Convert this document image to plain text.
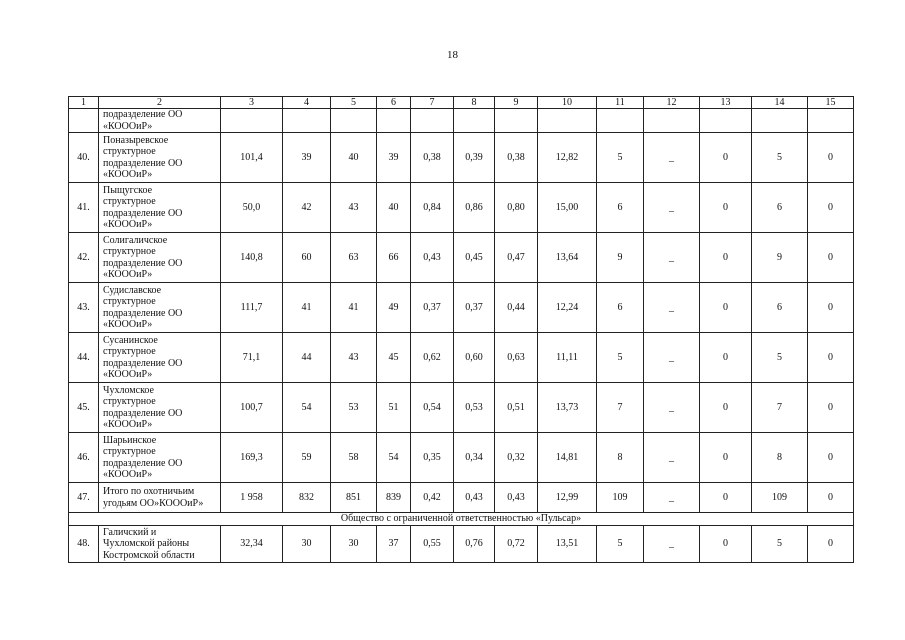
18
1	2	3	4	5	6	7	8	9	10	11	12	13	14	15
	подразделение ОО
«КОООиР»													
40.	Поназыревское
структурное
подразделение ОО
«КОООиР»	101,4	39	40	39	0,38	0,39	0,38	12,82	5	_	0	5	0
41.	Пыщугское
структурное
подразделение ОО
«КОООиР»	50,0	42	43	40	0,84	0,86	0,80	15,00	6	_	0	6	0
42.	Солигаличское
структурное
подразделение ОО
«КОООиР»	140,8	60	63	66	0,43	0,45	0,47	13,64	9	_	0	9	0
43.	Судиславское
структурное
подразделение ОО
«КОООиР»	111,7	41	41	49	0,37	0,37	0,44	12,24	6	_	0	6	0
44.	Сусанинское
структурное
подразделение ОО
«КОООиР»	71,1	44	43	45	0,62	0,60	0,63	11,11	5	_	0	5	0
45.	Чухломское
структурное
подразделение ОО
«КОООиР»	100,7	54	53	51	0,54	0,53	0,51	13,73	7	_	0	7	0
46.	Шарьинское
структурное
подразделение ОО
«КОООиР»	169,3	59	58	54	0,35	0,34	0,32	14,81	8	_	0	8	0
47.	Итого по охотничьим
угодьям ОО»КОООиР»	1 958	832	851	839	0,42	0,43	0,43	12,99	109	_	0	109	0
Общество с ограниченной ответственностью «Пульсар»														
48.	Галичский и
Чухломской районы
Костромской области	32,34	30	30	37	0,55	0,76	0,72	13,51	5	_	0	5	0
